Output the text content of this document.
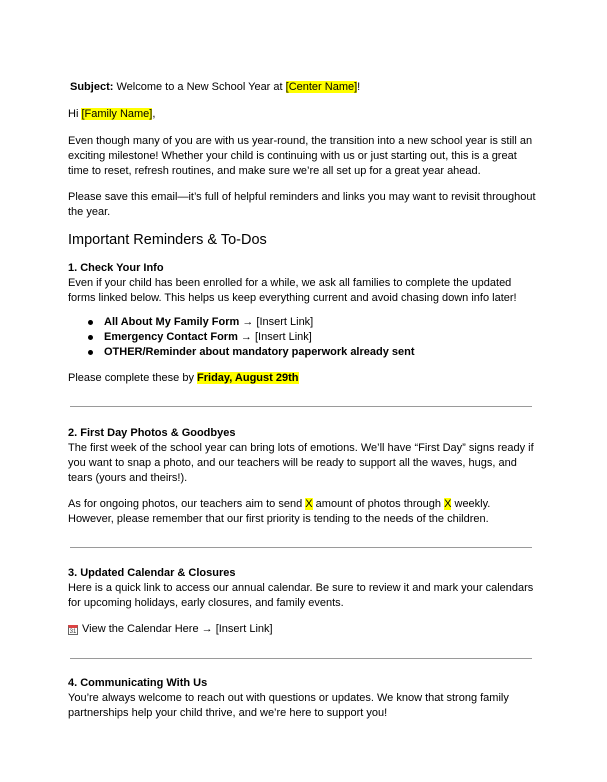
Subject: Welcome to a New School Year at [Center Name]!

Hi [Family Name],

Even though many of you are with us year-round, the transition into a new school year is still an exciting milestone! Whether your child is continuing with us or just starting out, this is a great time to reset, refresh routines, and make sure we’re all set up for a great year ahead.

Please save this email—it’s full of helpful reminders and links you may want to revisit throughout the year.

Important Reminders & To-Dos

1. Check Your Info

Even if your child has been enrolled for a while, we ask all families to complete the updated forms linked below. This helps us keep everything current and avoid chasing down info later!

All About My Family Form → [Insert Link]
Emergency Contact Form → [Insert Link]
OTHER/Reminder about mandatory paperwork already sent

Please complete these by Friday, August 29th

2. First Day Photos & Goodbyes

The first week of the school year can bring lots of emotions. We’ll have “First Day” signs ready if you want to snap a photo, and our teachers will be ready to support all the waves, hugs, and tears (yours and theirs!).

As for ongoing photos, our teachers aim to send X amount of photos through X weekly. However, please remember that our first priority is tending to the needs of the children.

3. Updated Calendar & Closures

Here is a quick link to access our annual calendar. Be sure to review it and mark your calendars for upcoming holidays, early closures, and family events.

31 View the Calendar Here → [Insert Link]

4. Communicating With Us

You’re always welcome to reach out with questions or updates. We know that strong family partnerships help your child thrive, and we’re here to support you!
